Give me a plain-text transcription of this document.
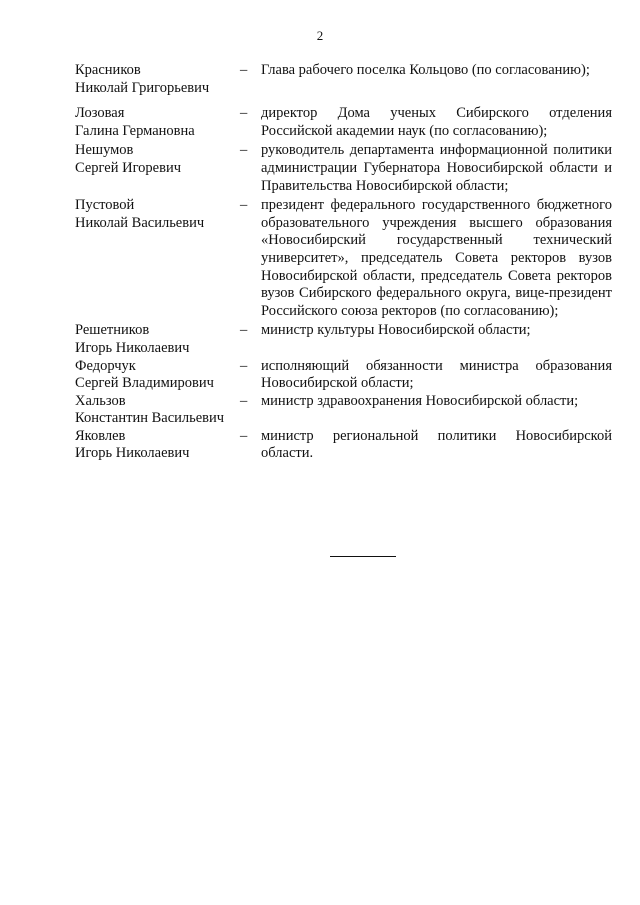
2
Красников
Николай Григорьевич
– Глава рабочего поселка Кольцово (по согласованию);
Лозовая
Галина Германовна
– директор Дома ученых Сибирского отделения Российской академии наук (по согласованию);
Нешумов
Сергей Игоревич
– руководитель департамента информационной политики администрации Губернатора Новосибирской области и Правительства Новосибирской области;
Пустовой
Николай Васильевич
– президент федерального государственного бюджетного образовательного учреждения высшего образования «Новосибирский государственный технический университет», председатель Совета ректоров вузов Новосибирской области, председатель Совета ректоров вузов Сибирского федерального округа, вице-президент Российского союза ректоров (по согласованию);
Решетников
Игорь Николаевич
– министр культуры Новосибирской области;
Федорчук
Сергей Владимирович
– исполняющий обязанности министра образования Новосибирской области;
Хальзов
Константин Васильевич
– министр здравоохранения Новосибирской области;
Яковлев
Игорь Николаевич
– министр региональной политики Новосибирской области.
